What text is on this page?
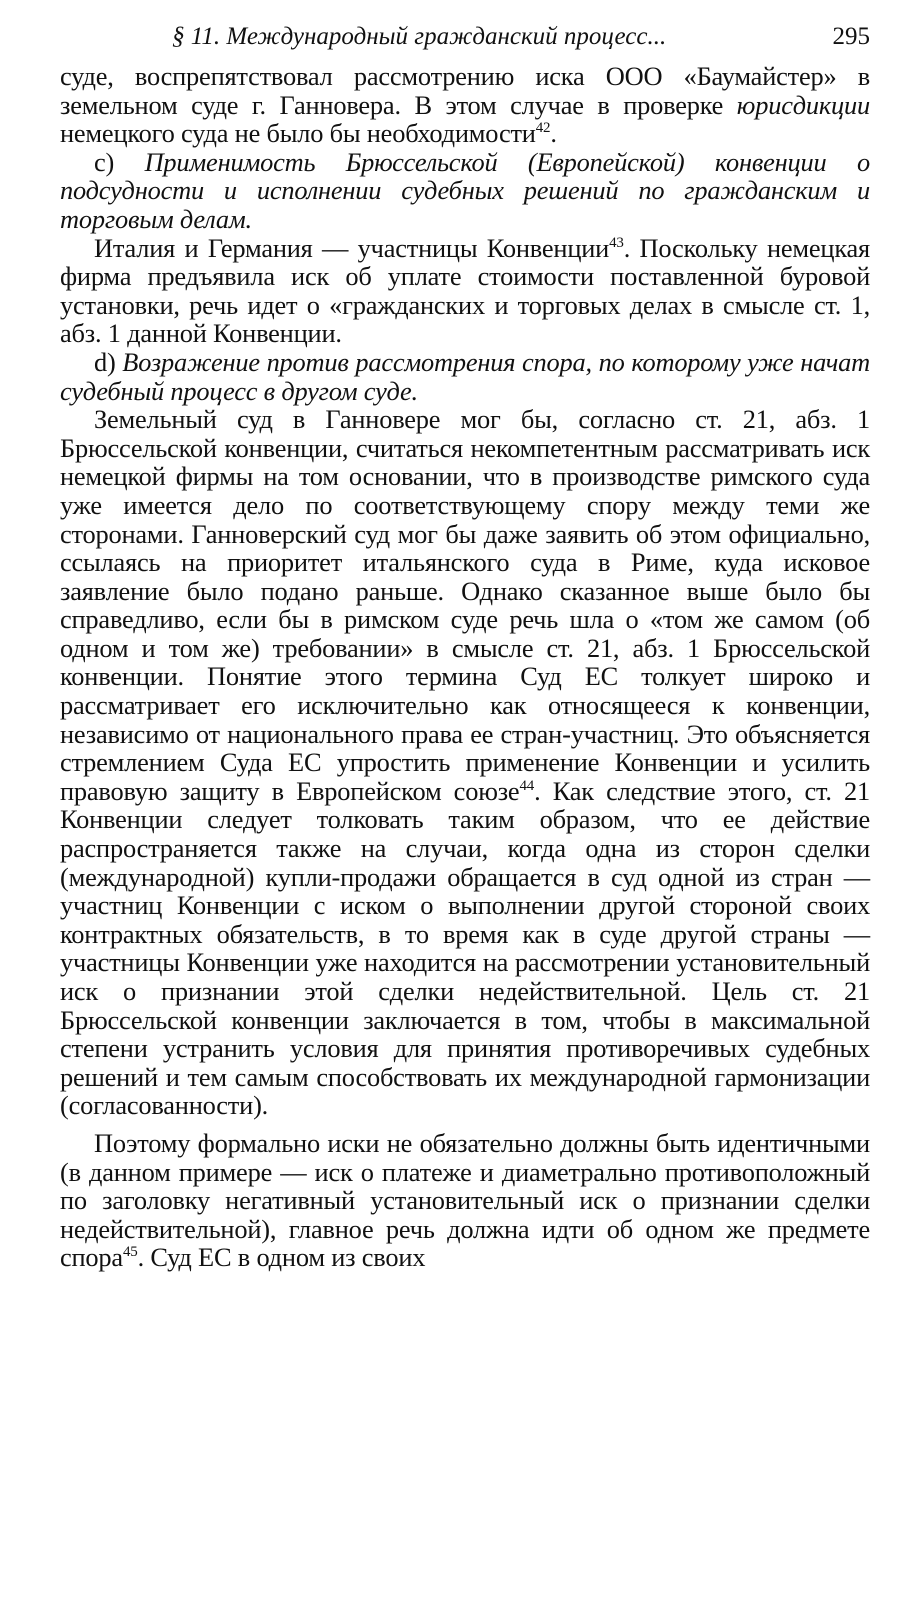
§ 11. Международный гражданский процесс...	295

суде, воспрепятствовал рассмотрению иска ООО «Баумайстер» в земельном суде г. Ганновера. В этом случае в проверке юрисдикции немецкого суда не было бы необходимости$^{42}$.

с) Применимость Брюссельской (Европейской) конвенции о подсудности и исполнении судебных решений по гражданским и торговым делам.

Италия и Германия — участницы Конвенции$^{43}$. Поскольку немецкая фирма предъявила иск об уплате стоимости поставленной буровой установки, речь идет о «гражданских и торговых делах в смысле ст. 1, абз. 1 данной Конвенции.

d) Возражение против рассмотрения спора, по которому уже начат судебный процесс в другом суде.

Земельный суд в Ганновере мог бы, согласно ст. 21, абз. 1 Брюссельской конвенции, считаться некомпетентным рассматривать иск немецкой фирмы на том основании, что в производстве римского суда уже имеется дело по соответствующему спору между теми же сторонами. Ганноверский суд мог бы даже заявить об этом официально, ссылаясь на приоритет итальянского суда в Риме, куда исковое заявление было подано раньше. Однако сказанное выше было бы справедливо, если бы в римском суде речь шла о «том же самом (об одном и том же) требовании» в смысле ст. 21, абз. 1 Брюссельской конвенции. Понятие этого термина Суд ЕС толкует широко и рассматривает его исключительно как относящееся к конвенции, независимо от национального права ее стран-участниц. Это объясняется стремлением Суда ЕС упростить применение Конвенции и усилить правовую защиту в Европейском союзе$^{44}$. Как следствие этого, ст. 21 Конвенции следует толковать таким образом, что ее действие распространяется также на случаи, когда одна из сторон сделки (международной) купли-продажи обращается в суд одной из стран — участниц Конвенции с иском о выполнении другой стороной своих контрактных обязательств, в то время как в суде другой страны — участницы Конвенции уже находится на рассмотрении установительный иск о признании этой сделки недействительной. Цель ст. 21 Брюссельской конвенции заключается в том, чтобы в максимальной степени устранить условия для принятия противоречивых судебных решений и тем самым способствовать их международной гармонизации (согласованности).

Поэтому формально иски не обязательно должны быть идентичными (в данном примере — иск о платеже и диаметрально противоположный по заголовку негативный установительный иск о признании сделки недействительной), главное речь должна идти об одном же предмете спора$^{45}$. Суд ЕС в одном из своих
